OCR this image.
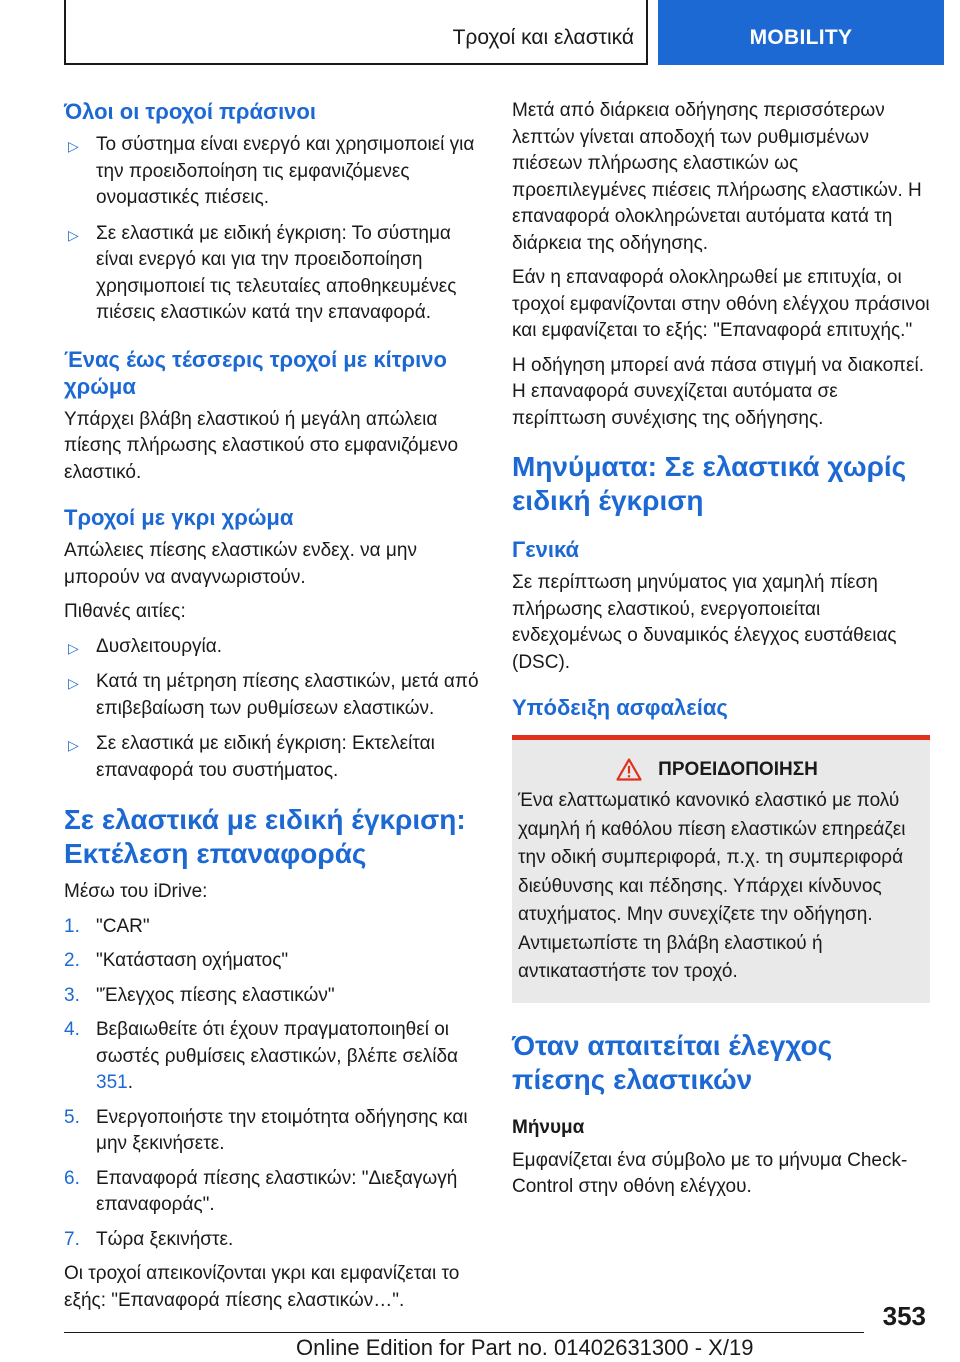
Τροχοί και ελαστικά	MOBILITY
Όλοι οι τροχοί πράσινοι
▷ Το σύστημα είναι ενεργό και χρησιμοποιεί για την προειδοποίηση τις εμφανιζόμενες ονομαστικές πιέσεις.
▷ Σε ελαστικά με ειδική έγκριση: Το σύστημα είναι ενεργό και για την προειδοποίηση χρησιμοποιεί τις τελευταίες αποθηκευμένες πιέσεις ελαστικών κατά την επαναφορά.
Ένας έως τέσσερις τροχοί με κίτρινο χρώμα
Υπάρχει βλάβη ελαστικού ή μεγάλη απώλεια πίεσης πλήρωσης ελαστικού στο εμφανιζόμενο ελαστικό.
Τροχοί με γκρι χρώμα
Απώλειες πίεσης ελαστικών ενδεχ. να μην μπορούν να αναγνωριστούν.
Πιθανές αιτίες:
▷ Δυσλειτουργία.
▷ Κατά τη μέτρηση πίεσης ελαστικών, μετά από επιβεβαίωση των ρυθμίσεων ελαστικών.
▷ Σε ελαστικά με ειδική έγκριση: Εκτελείται επαναφορά του συστήματος.
Σε ελαστικά με ειδική έγκριση: Εκτέλεση επαναφοράς
Μέσω του iDrive:
1. "CAR"
2. "Κατάσταση οχήματος"
3. "Έλεγχος πίεσης ελαστικών"
4. Βεβαιωθείτε ότι έχουν πραγματοποιηθεί οι σωστές ρυθμίσεις ελαστικών, βλέπε σελίδα 351.
5. Ενεργοποιήστε την ετοιμότητα οδήγησης και μην ξεκινήσετε.
6. Επαναφορά πίεσης ελαστικών: "Διεξαγωγή επαναφοράς".
7. Τώρα ξεκινήστε.
Οι τροχοί απεικονίζονται γκρι και εμφανίζεται το εξής: "Επαναφορά πίεσης ελαστικών…".
Μετά από διάρκεια οδήγησης περισσότερων λεπτών γίνεται αποδοχή των ρυθμισμένων πιέσεων πλήρωσης ελαστικών ως προεπιλεγμένες πιέσεις πλήρωσης ελαστικών. Η επαναφορά ολοκληρώνεται αυτόματα κατά τη διάρκεια της οδήγησης.
Εάν η επαναφορά ολοκληρωθεί με επιτυχία, οι τροχοί εμφανίζονται στην οθόνη ελέγχου πράσινοι και εμφανίζεται το εξής: "Επαναφορά επιτυχής."
Η οδήγηση μπορεί ανά πάσα στιγμή να διακοπεί. Η επαναφορά συνεχίζεται αυτόματα σε περίπτωση συνέχισης της οδήγησης.
Μηνύματα: Σε ελαστικά χωρίς ειδική έγκριση
Γενικά
Σε περίπτωση μηνύματος για χαμηλή πίεση πλήρωσης ελαστικού, ενεργοποιείται ενδεχομένως ο δυναμικός έλεγχος ευστάθειας (DSC).
Υπόδειξη ασφαλείας
ΠΡΟΕΙΔΟΠΟΙΗΣΗ
Ένα ελαττωματικό κανονικό ελαστικό με πολύ χαμηλή ή καθόλου πίεση ελαστικών επηρεάζει την οδική συμπεριφορά, π.χ. τη συμπεριφορά διεύθυνσης και πέδησης. Υπάρχει κίνδυνος ατυχήματος. Μην συνεχίζετε την οδήγηση. Αντιμετωπίστε τη βλάβη ελαστικού ή αντικαταστήστε τον τροχό.
Όταν απαιτείται έλεγχος πίεσης ελαστικών
Μήνυμα
Εμφανίζεται ένα σύμβολο με το μήνυμα Check-Control στην οθόνη ελέγχου.
353
Online Edition for Part no. 01402631300 - X/19
